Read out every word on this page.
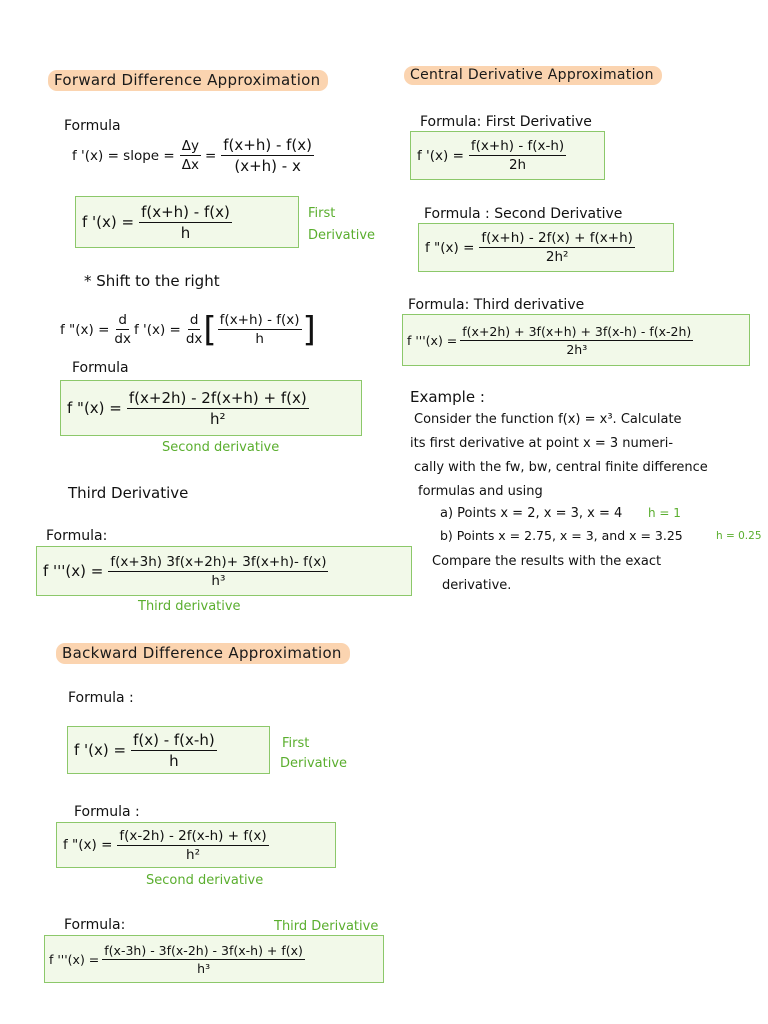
Forward Difference Approximation
Formula
f '(x) = slope = $\frac{\Delta y}{\Delta x} = \frac{f(x+h) - f(x)}{(x+h) - x}$
f '$(x) = \frac{f(x+h) - f(x)}{h}$	First
Derivative
* Shift to the right
f "$(x) = \frac{d}{dx}$ f '$(x) = \frac{d}{dx}$ [ $\frac{f(x+h) - f(x)}{h}$ ]
Formula
f "$(x) = \frac{f(x+2h) - 2f(x+h) + f(x)}{\text{h²}}$
Second derivative
Third Derivative
Formula:
f '''$(x) = \frac{f(x+3h) 3f(x+2h)+ 3f(x+h)- f(x)}{\text{h³}}$
Third derivative
Central Derivative Approximation
Formula: First Derivative
f '$(x) = \frac{f(x+h) - f(x-h)}{2h}$
Formula : Second Derivative
f "$(x) = \frac{f(x+h) - 2f(x) + f(x+h)}{\text{2h²}}$
Formula: Third derivative
f '''$(x) = \frac{f(x+2h) + 3f(x+h) + 3f(x-h) - f(x-2h)}{\text{2h³}}$
Example :
Consider the function f(x) = x³. Calculate
its first derivative at point x = 3 numeri-
cally with the fw, bw, central finite difference
formulas and using
a) Points x = 2, x = 3, x = 4 h = 1
b) Points x = 2.75, x = 3, and x = 3.25	h = 0.25
Compare the results with the exact
derivative.
Backward Difference Approximation
Formula :
f '$(x) = \frac{f(x) - f(x-h)}{h}$	First
Derivative
Formula :
f "$(x) = \frac{f(x-2h) - 2f(x-h) + f(x)}{\text{h²}}$
Second derivative
Formula:	Third Derivative
f '''$(x) = \frac{f(x-3h) - 3f(x-2h) - 3f(x-h) + f(x)}{\text{h³}}$
